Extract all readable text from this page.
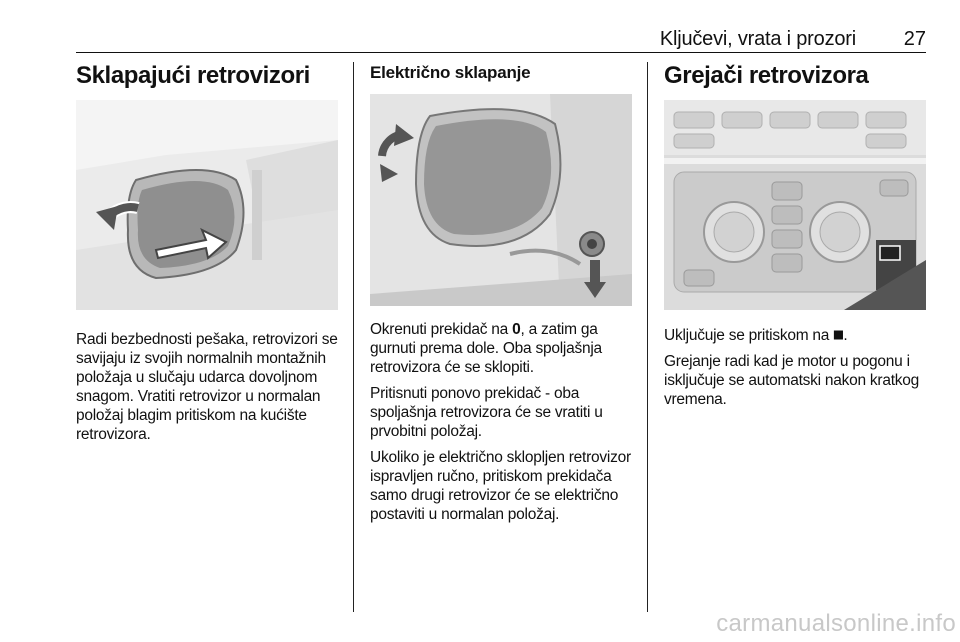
Ključevi, vrata i prozori 27
Sklapajući retrovizori

Radi bezbednosti pešaka, retrovizori se savijaju iz svojih normalnih montažnih položaja u slučaju udarca dovoljnom snagom. Vratiti retrovizor u normalan položaj blagim pritiskom na kućište retrovizora.

Električno sklapanje

Okrenuti prekidač na 0, a zatim ga gurnuti prema dole. Oba spoljašnja retrovizora će se sklopiti.

Pritisnuti ponovo prekidač - oba spoljašnja retrovizora će se vratiti u prvobitni položaj.

Ukoliko je električno sklopljen retrovizor ispravljen ručno, pritiskom prekidača samo drugi retrovizor će se električno postaviti u normalan položaj.

Grejači retrovizora

Uključuje se pritiskom na ⯀.

Grejanje radi kad je motor u pogonu i isključuje se automatski nakon kratkog vremena.

carmanualsonline.info
